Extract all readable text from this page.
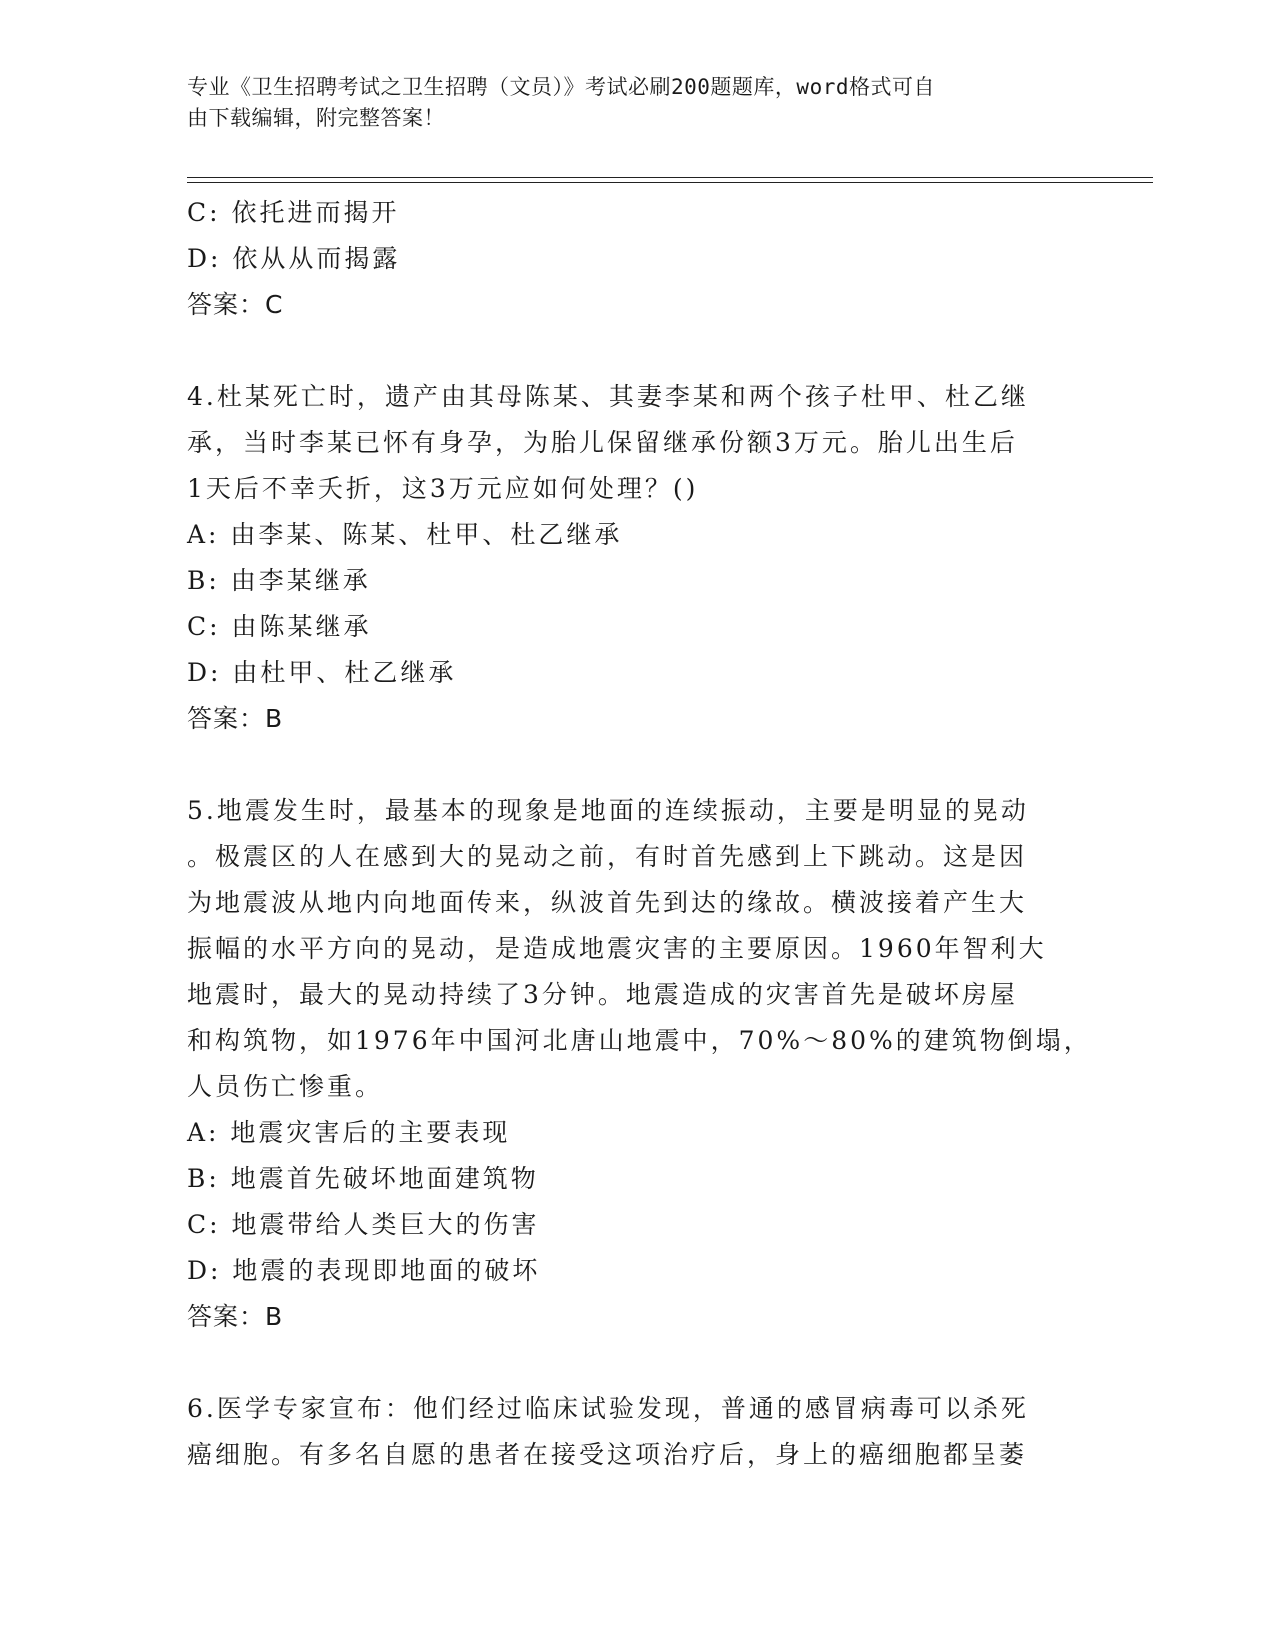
专业《卫生招聘考试之卫生招聘（文员）》考试必刷200题题库，word格式可自
由下载编辑，附完整答案！
C: 依托进而揭开
D: 依从从而揭露
答案：C
4.杜某死亡时，遗产由其母陈某、其妻李某和两个孩子杜甲、杜乙继
承，当时李某已怀有身孕，为胎儿保留继承份额3万元。胎儿出生后
1天后不幸夭折，这3万元应如何处理？()
A: 由李某、陈某、杜甲、杜乙继承
B: 由李某继承
C: 由陈某继承
D: 由杜甲、杜乙继承
答案：B
5.地震发生时，最基本的现象是地面的连续振动，主要是明显的晃动
。极震区的人在感到大的晃动之前，有时首先感到上下跳动。这是因
为地震波从地内向地面传来，纵波首先到达的缘故。横波接着产生大
振幅的水平方向的晃动，是造成地震灾害的主要原因。1960年智利大
地震时，最大的晃动持续了3分钟。地震造成的灾害首先是破坏房屋
和构筑物，如1976年中国河北唐山地震中，70%～80%的建筑物倒塌，
人员伤亡惨重。
A: 地震灾害后的主要表现
B: 地震首先破坏地面建筑物
C: 地震带给人类巨大的伤害
D: 地震的表现即地面的破坏
答案：B
6.医学专家宣布：他们经过临床试验发现，普通的感冒病毒可以杀死
癌细胞。有多名自愿的患者在接受这项治疗后，身上的癌细胞都呈萎
